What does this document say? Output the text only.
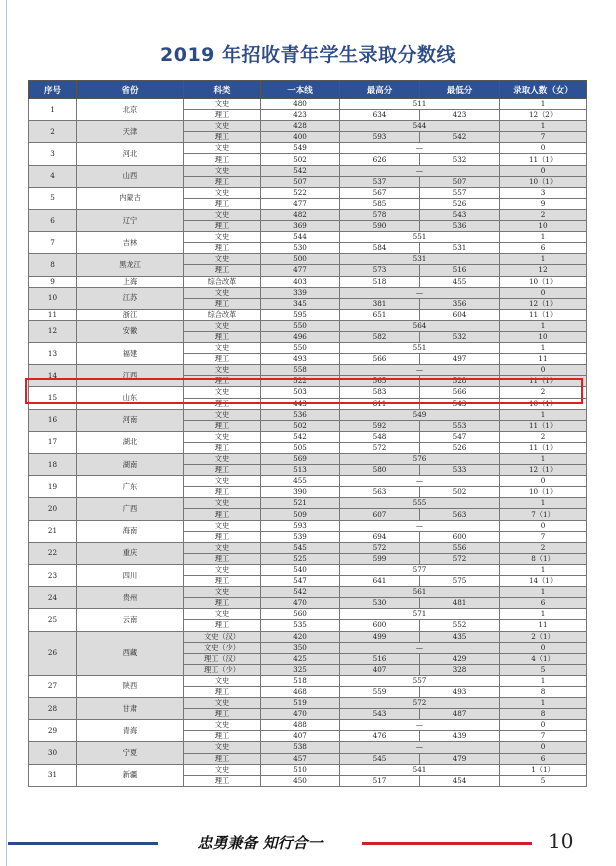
2019 年招收青年学生录取分数线
序号	省份	科类	一本线	最高分	最低分	录取人数（女）
1	北京	文史	480	511		1
		理工	423	634	423	12（2）
2	天津	文史	428	544		1
		理工	400	593	542	7
3	河北	文史	549	—		0
		理工	502	626	532	11（1）
4	山西	文史	542	—		0
		理工	507	537	507	10（1）
5	内蒙古	文史	522	567	557	3
		理工	477	585	526	9
6	辽宁	文史	482	578	543	2
		理工	369	590	536	10
7	吉林	文史	544	551		1
		理工	530	584	531	6
8	黑龙江	文史	500	531		1
		理工	477	573	516	12
9	上海	综合改革	403	518	455	10（1）
10	江苏	文史	339	—		0
		理工	345	381	356	12（1）
11	浙江	综合改革	595	651	604	11（1）
12	安徽	文史	550	564		1
		理工	496	582	532	10
13	福建	文史	550	551		1
		理工	493	566	497	11
14	江西	文史	558	—		0
		理工	522	565	528	11（1）
15	山东	文史	503	583	566	2
		理工	443	611	543	10（1）
16	河南	文史	536	549		1
		理工	502	592	553	11（1）
17	湖北	文史	542	548	547	2
		理工	505	572	526	11（1）
18	湖南	文史	569	576		1
		理工	513	580	533	12（1）
19	广东	文史	455	—		0
		理工	390	563	502	10（1）
20	广西	文史	521	555		1
		理工	509	607	563	7（1）
21	海南	文史	593	—		0
		理工	539	694	600	7
22	重庆	文史	545	572	556	2
		理工	525	599	572	8（1）
23	四川	文史	540	577		1
		理工	547	641	575	14（1）
24	贵州	文史	542	561		1
		理工	470	530	481	6
25	云南	文史	560	571		1
		理工	535	600	552	11
26	西藏	文史（汉）	420	499	435	2（1）
		文史（少）	350	—		0
		理工（汉）	425	516	429	4（1）
		理工（少）	325	407	328	5
27	陕西	文史	518	557		1
		理工	468	559	493	8
28	甘肃	文史	519	572		1
		理工	470	543	487	8
29	青海	文史	488	—		0
		理工	407	476	439	7
30	宁夏	文史	538	—		0
		理工	457	545	479	6
31	新疆	文史	510	541		1（1）
		理工	450	517	454	5
忠勇兼备 知行合一	10
